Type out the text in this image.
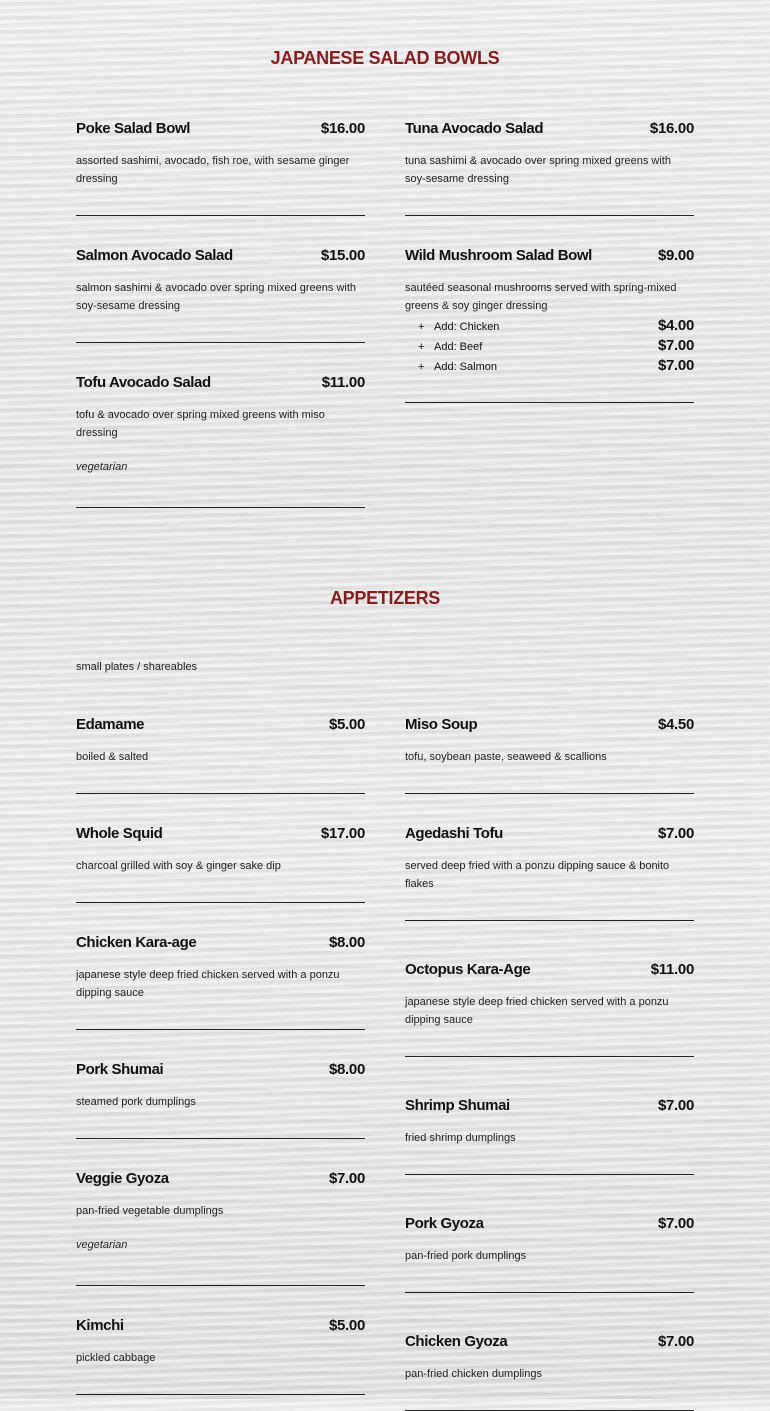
JAPANESE SALAD BOWLS
Poke Salad Bowl	$16.00
assorted sashimi, avocado, fish roe, with sesame ginger dressing
Salmon Avocado Salad	$15.00
salmon sashimi & avocado over spring mixed greens with soy-sesame dressing
Tofu Avocado Salad	$11.00
tofu & avocado over spring mixed greens with miso dressing
vegetarian
Tuna Avocado Salad	$16.00
tuna sashimi & avocado over spring mixed greens with soy-sesame dressing
Wild Mushroom Salad Bowl	$9.00
sautéed seasonal mushrooms served with spring-mixed greens & soy ginger dressing
+ Add: Chicken	$4.00
+ Add: Beef	$7.00
+ Add: Salmon	$7.00
APPETIZERS
small plates / shareables
Edamame	$5.00
boiled & salted
Whole Squid	$17.00
charcoal grilled with soy & ginger sake dip
Chicken Kara-age	$8.00
japanese style deep fried chicken served with a ponzu dipping sauce
Pork Shumai	$8.00
steamed pork dumplings
Veggie Gyoza	$7.00
pan-fried vegetable dumplings
vegetarian
Kimchi	$5.00
pickled cabbage
Miso Soup	$4.50
tofu, soybean paste, seaweed & scallions
Agedashi Tofu	$7.00
served deep fried with a ponzu dipping sauce & bonito flakes
Octopus Kara-Age	$11.00
japanese style deep fried chicken served with a ponzu dipping sauce
Shrimp Shumai	$7.00
fried shrimp dumplings
Pork Gyoza	$7.00
pan-fried pork dumplings
Chicken Gyoza	$7.00
pan-fried chicken dumplings
